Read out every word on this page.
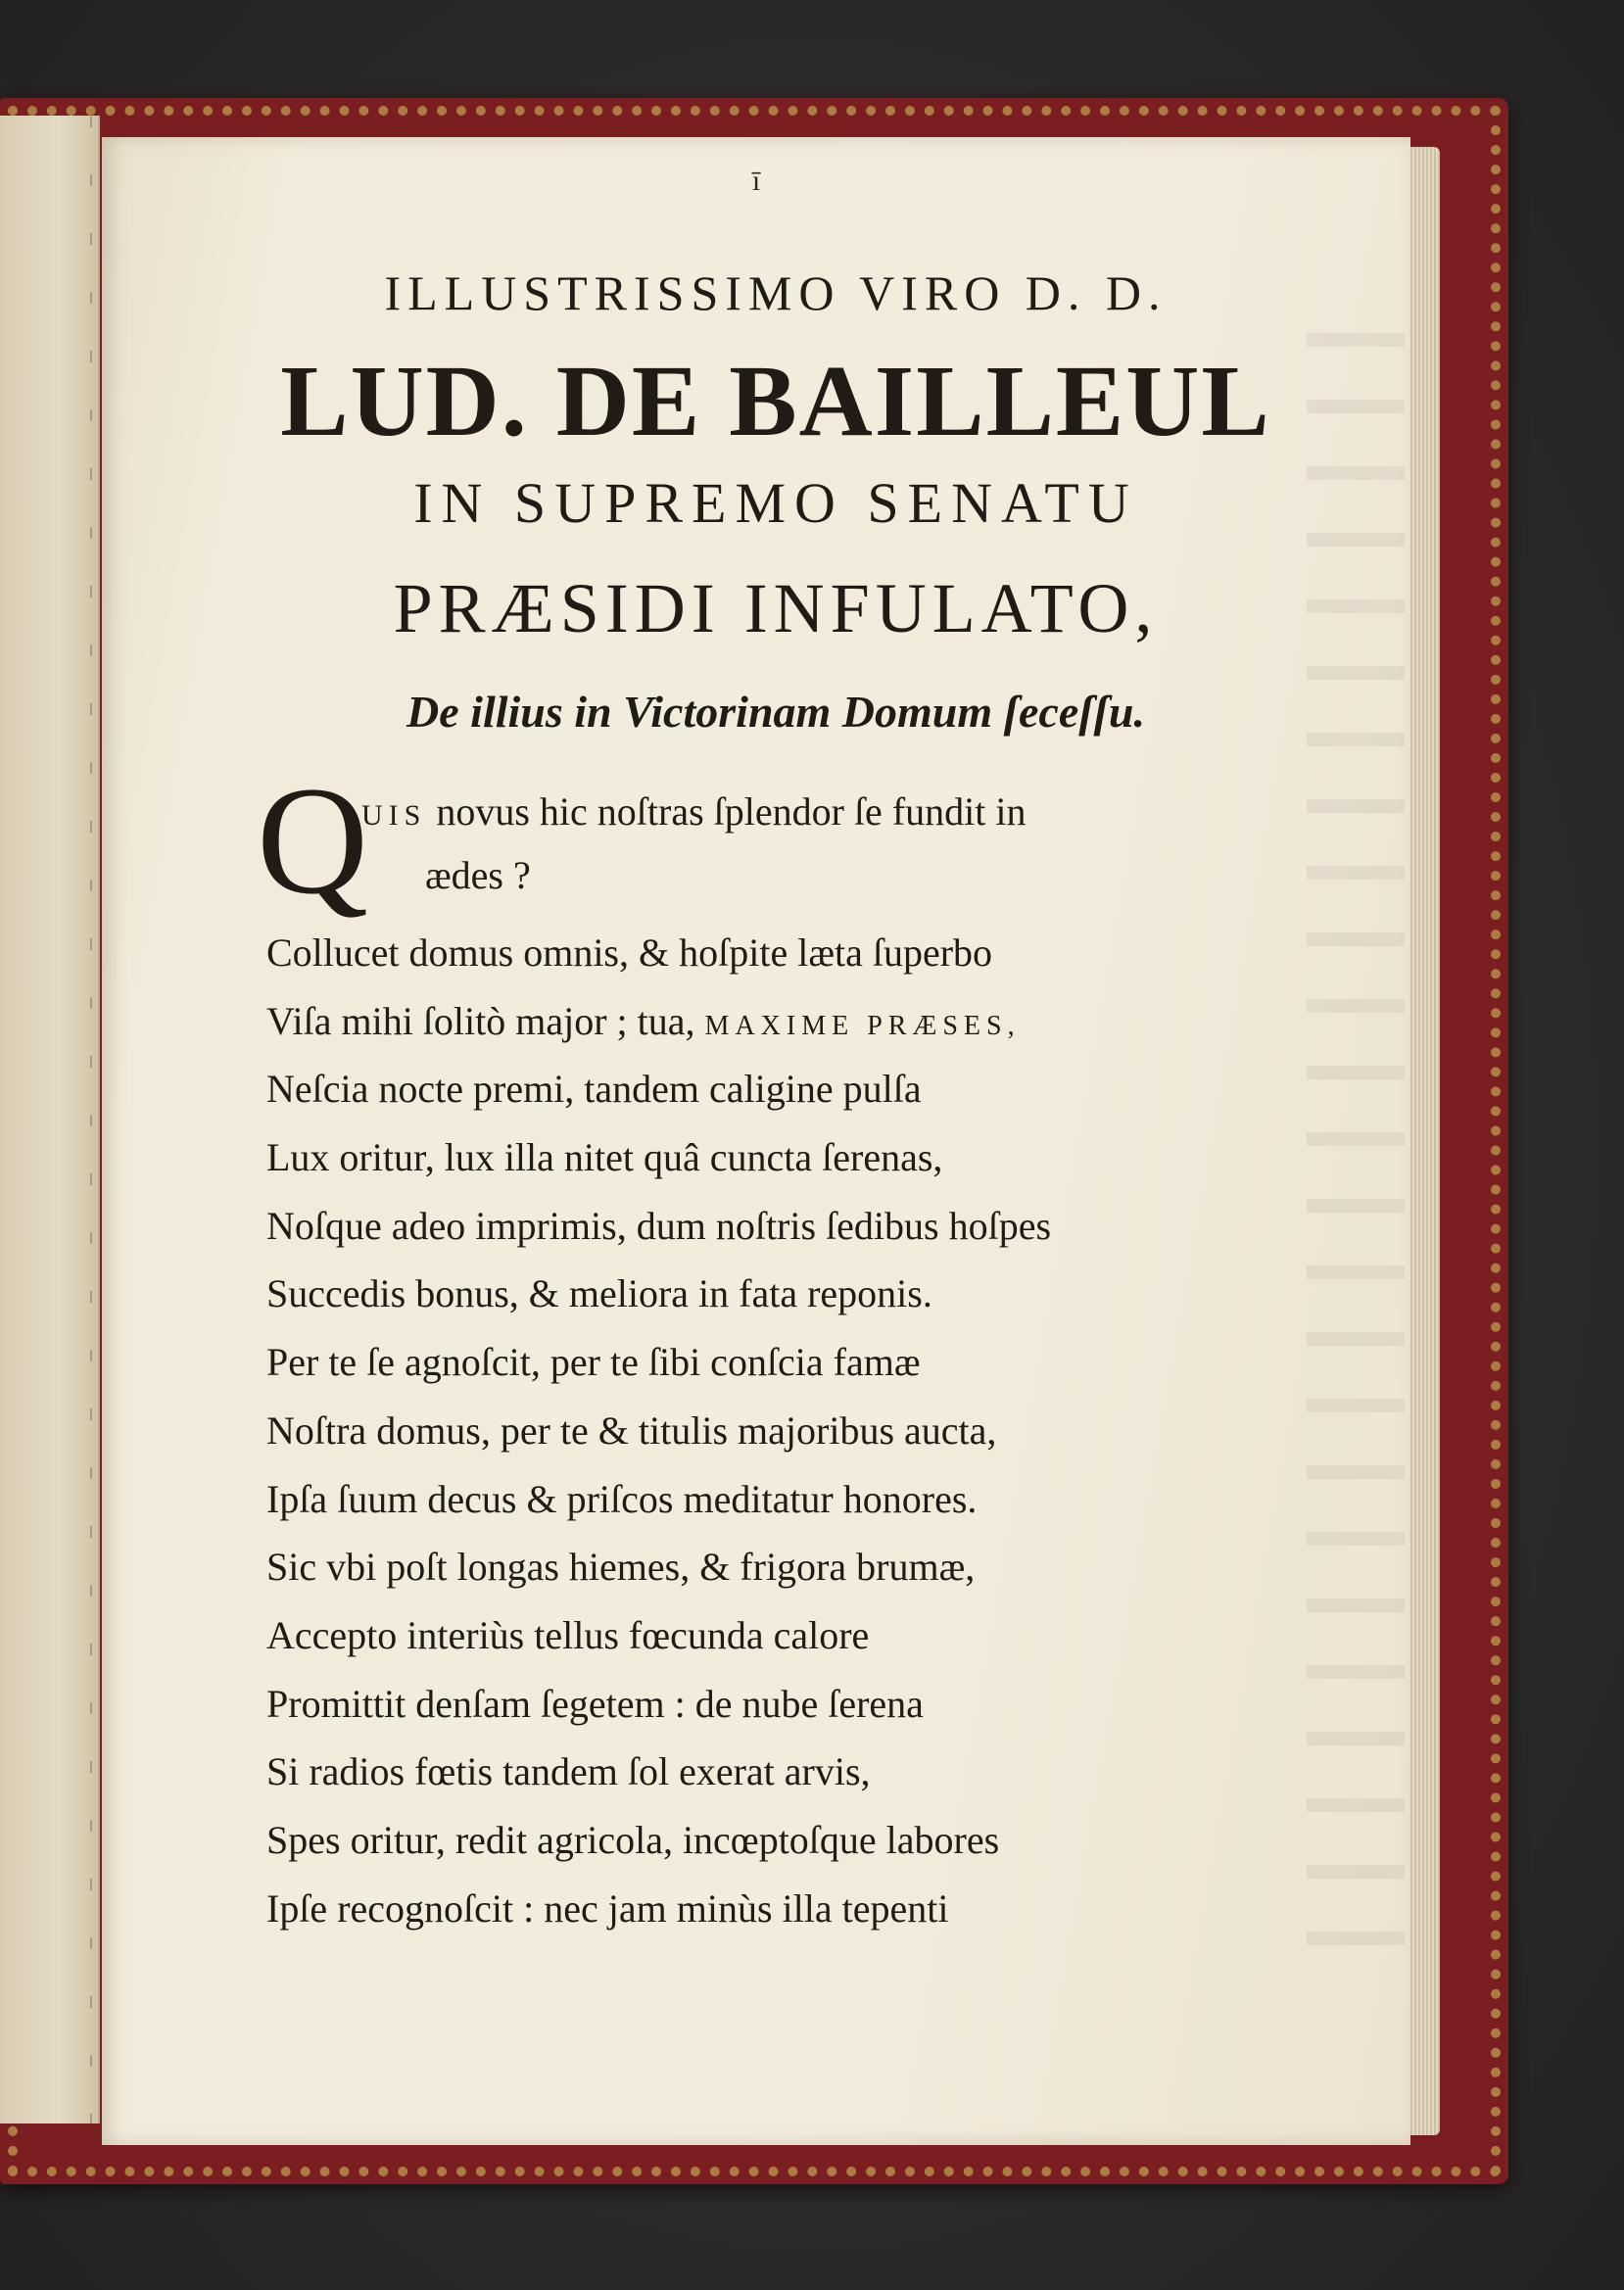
ī
ILLUSTRISSIMO VIRO D. D.
LUD. DE BAILLEUL
IN SUPREMO SENATU
PRÆSIDI INFULATO,
De illius in Victorinam Domum ſeceſſu.
Q
UIS novus hic noſtras ſplendor ſe fundit in
ædes ?
Collucet domus omnis, & hoſpite læta ſuperbo
Viſa mihi ſolitò major ; tua, MAXIME PRÆSES,
Neſcia nocte premi, tandem caligine pulſa
Lux oritur, lux illa nitet quâ cuncta ſerenas,
Noſque adeo imprimis, dum noſtris ſedibus hoſpes
Succedis bonus, & meliora in fata reponis.
Per te ſe agnoſcit, per te ſibi conſcia famæ
Noſtra domus, per te & titulis majoribus aucta,
Ipſa ſuum decus & priſcos meditatur honores.
Sic vbi poſt longas hiemes, & frigora brumæ,
Accepto interiùs tellus fœcunda calore
Promittit denſam ſegetem : de nube ſerena
Si radios fœtis tandem ſol exerat arvis,
Spes oritur, redit agricola, incœptoſque labores
Ipſe recognoſcit : nec jam minùs illa tepenti
